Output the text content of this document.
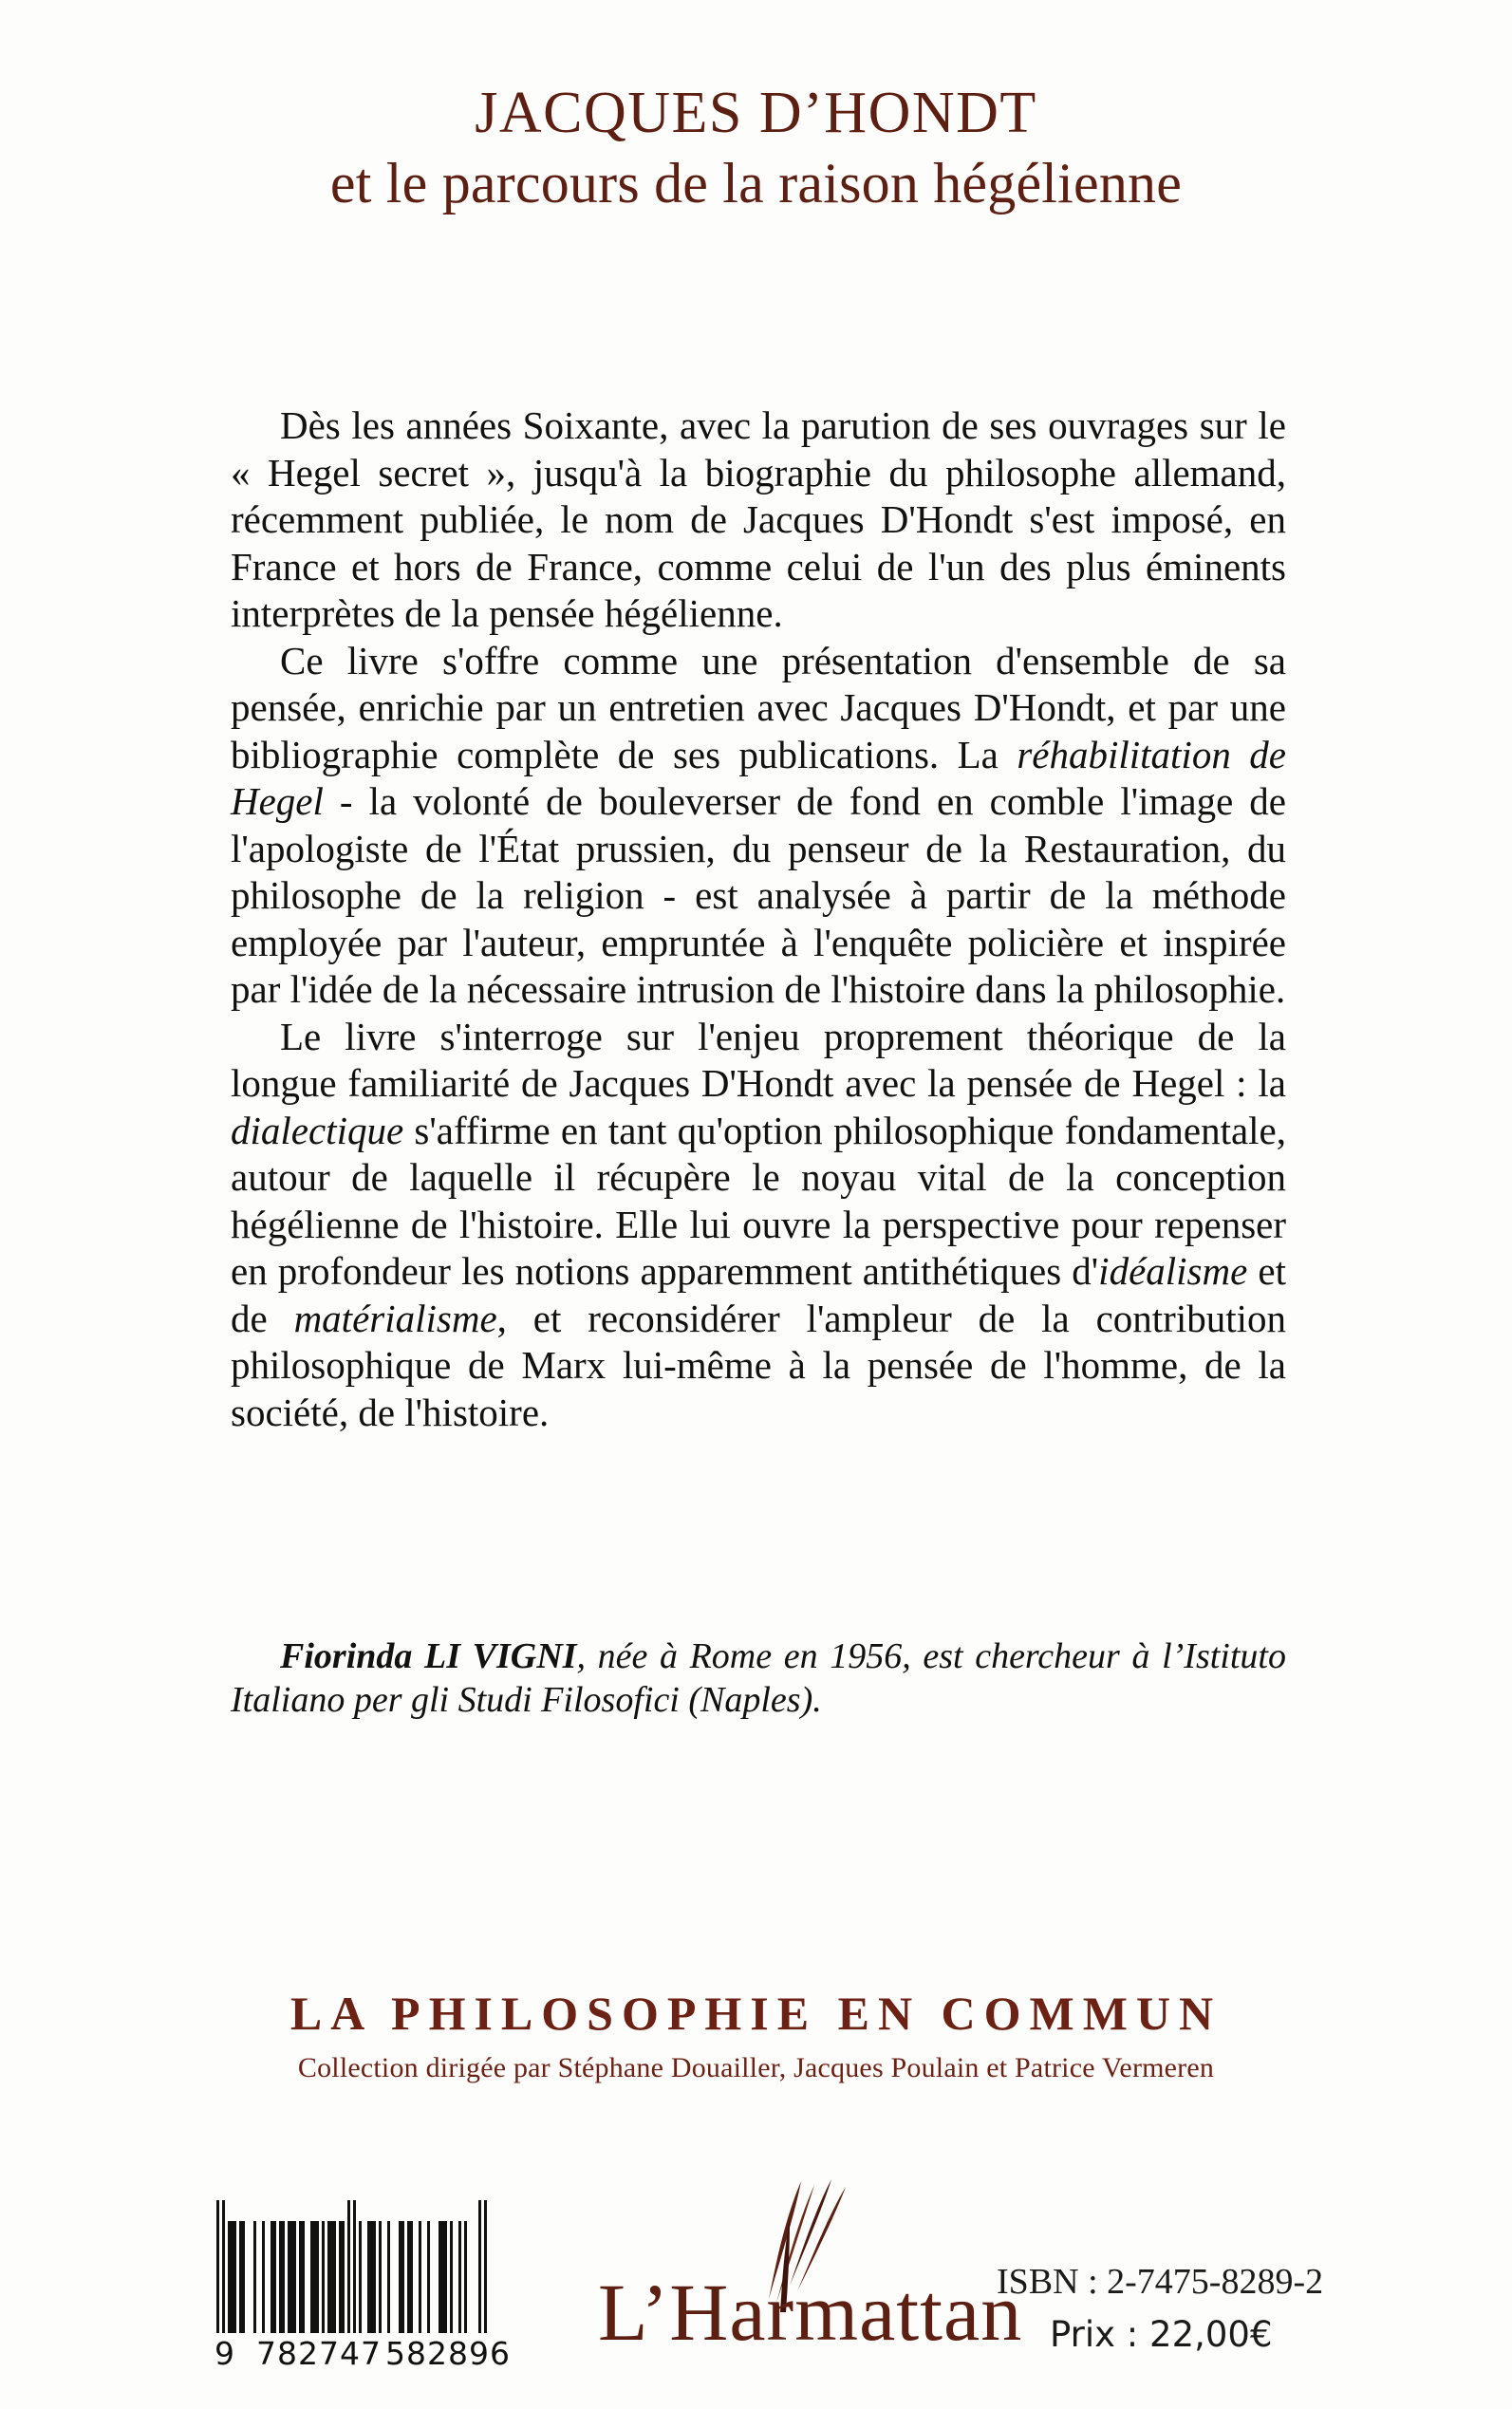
JACQUES D’HONDT
et le parcours de la raison hégélienne

Dès les années Soixante, avec la parution de ses ouvrages sur le « Hegel secret », jusqu'à la biographie du philosophe allemand, récemment publiée, le nom de Jacques D'Hondt s'est imposé, en France et hors de France, comme celui de l'un des plus éminents interprètes de la pensée hégélienne.

Ce livre s'offre comme une présentation d'ensemble de sa pensée, enrichie par un entretien avec Jacques D'Hondt, et par une bibliographie complète de ses publications. La réhabilitation de Hegel - la volonté de bouleverser de fond en comble l'image de l'apologiste de l'État prussien, du penseur de la Restauration, du philosophe de la religion - est analysée à partir de la méthode employée par l'auteur, empruntée à l'enquête policière et inspirée par l'idée de la nécessaire intrusion de l'histoire dans la philosophie.

Le livre s'interroge sur l'enjeu proprement théorique de la longue familiarité de Jacques D'Hondt avec la pensée de Hegel : la dialectique s'affirme en tant qu'option philosophique fondamentale, autour de laquelle il récupère le noyau vital de la conception hégélienne de l'histoire. Elle lui ouvre la perspective pour repenser en profondeur les notions apparemment antithétiques d'idéalisme et de matérialisme, et reconsidérer l'ampleur de la contribution philosophique de Marx lui-même à la pensée de l'homme, de la société, de l'histoire.

Fiorinda LI VIGNI, née à Rome en 1956, est chercheur à l’Istituto Italiano per gli Studi Filosofici (Naples).
LA PHILOSOPHIE EN COMMUN
Collection dirigée par Stéphane Douailler, Jacques Poulain et Patrice Vermeren
9 782747 582896 L’Harmattan
ISBN : 2-7475-8289-2
Prix : 22,00€
